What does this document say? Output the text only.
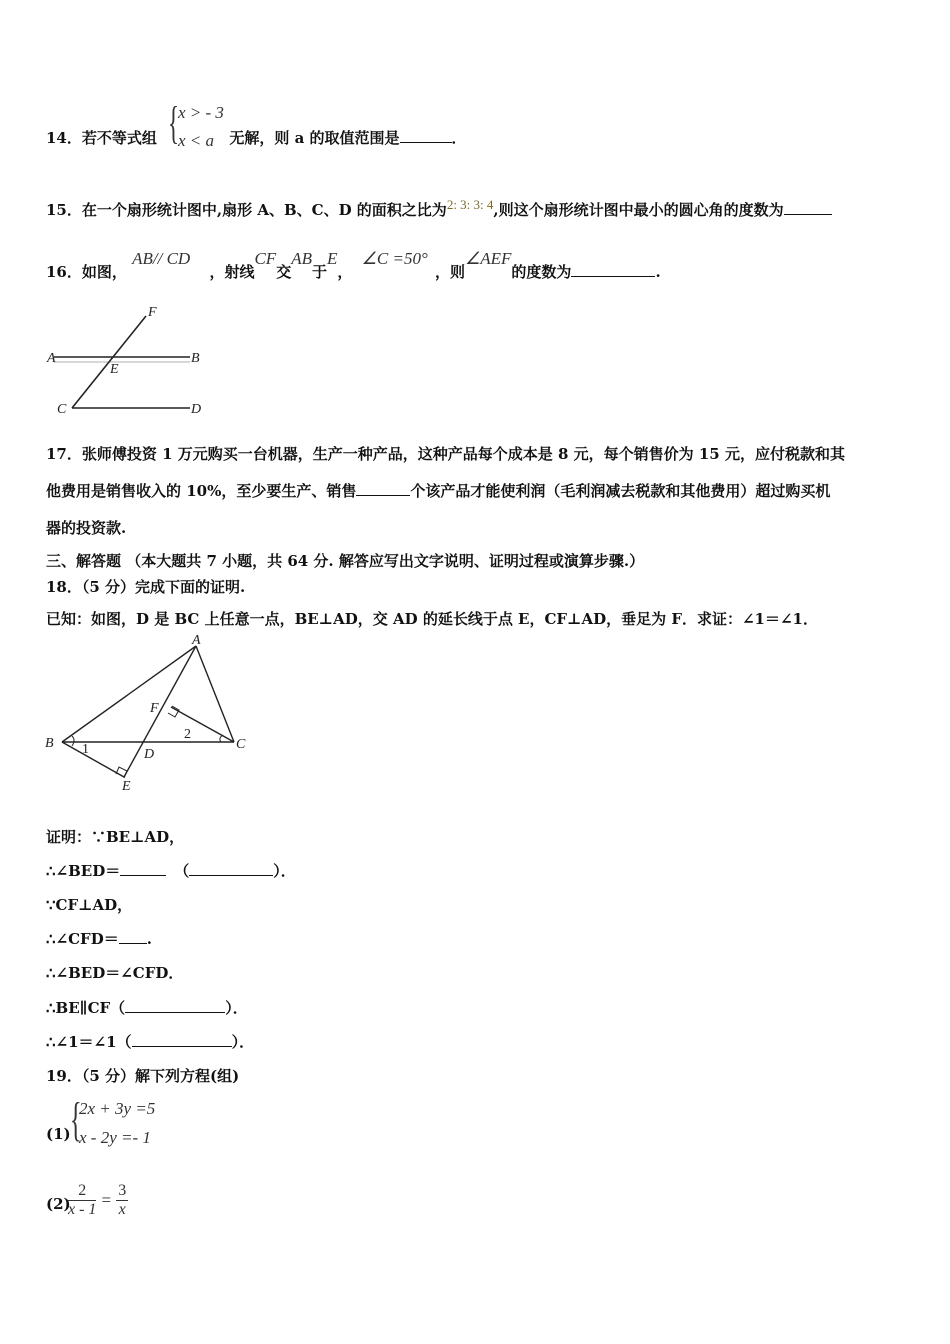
14．若不等式组	无解，则 a 的取值范围是	．
{
x > - 3
x < a
15．在一个扇形统计图中,扇形 A、B、C、D 的面积之比为2: 3: 3: 4,则这个扇形统计图中最小的圆心角的度数为
16．如图， AB// CD ，射线CF交AB于E， ∠C =50° ，则∠AEF的度数为	.
A	B
C	D
E
F
17．张师傅投资 1 万元购买一台机器，生产一种产品，这种产品每个成本是 8 元，每个销售价为 15 元，应付税款和其
他费用是销售收入的 10%，至少要生产、销售	个该产品才能使利润（毛利润减去税款和其他费用）超过购买机
器的投资款.
三、解答题 （本大题共 7 小题，共 64 分. 解答应写出文字说明、证明过程或演算步骤.）
18．（5 分）完成下面的证明.
已知：如图，D 是 BC 上任意一点，BE⊥AD，交 AD 的延长线于点 E，CF⊥AD，垂足为 F．求证：∠1＝∠1．
A
B	C
D
E
F
1
2
证明：∵BE⊥AD，
∴∠BED＝	（	）．
∵CF⊥AD，
∴∠CFD＝ .
∴∠BED＝∠CFD．
∴BE∥CF（	）．
∴∠1＝∠1（	）．
19．（5 分）解下列方程(组)
(1) {
2x + 3y =5
x - 2y =- 1
(2)
$\frac{2}{x - 1} = \frac{3}{x}$
